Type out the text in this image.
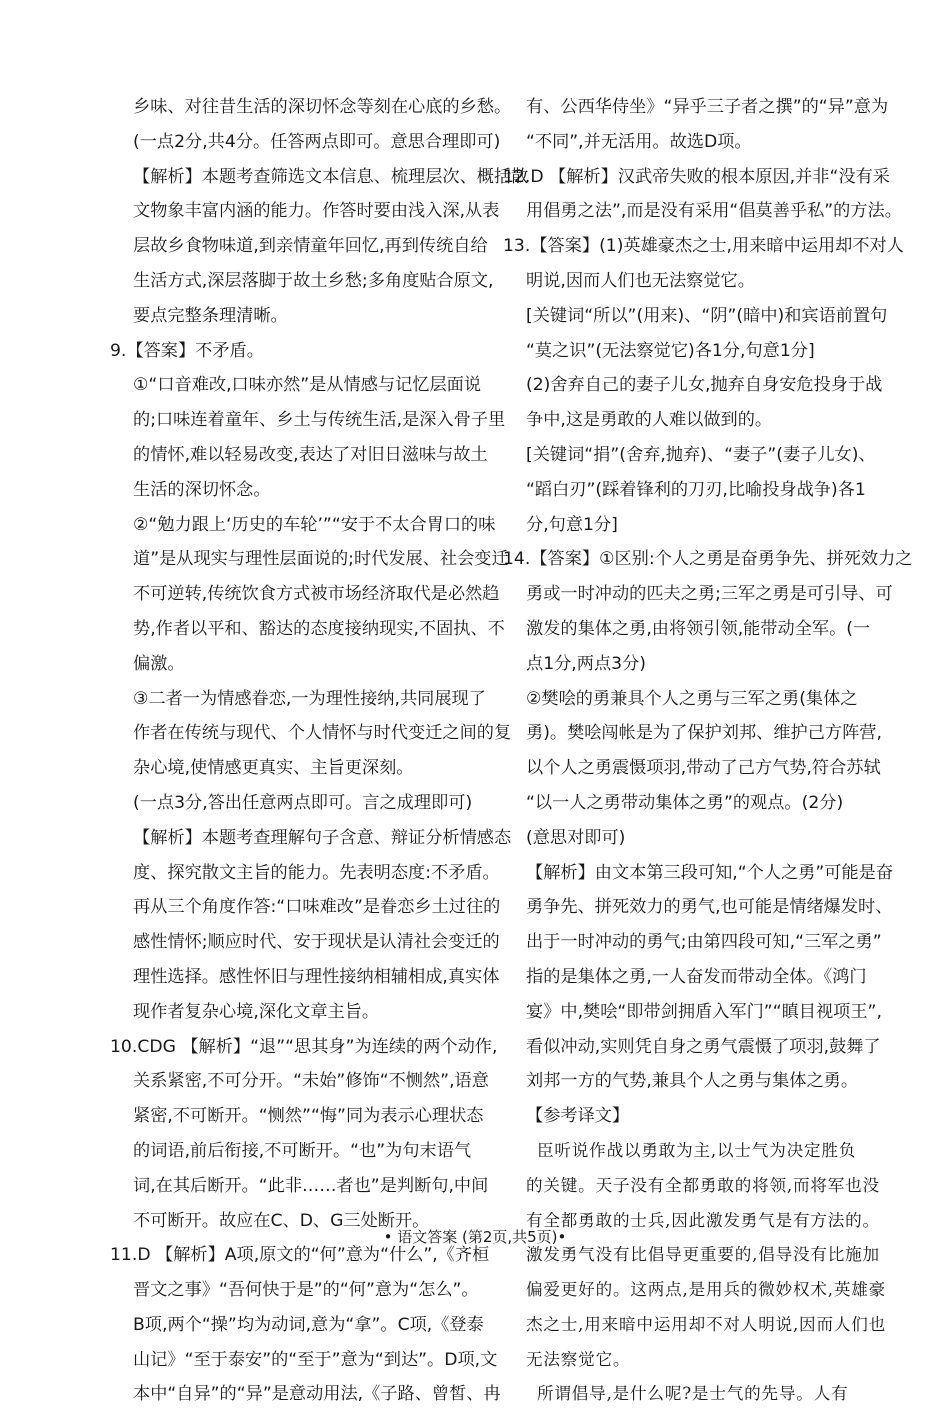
乡味、对往昔生活的深切怀念等刻在心底的乡愁。
(一点2分,共4分。任答两点即可。意思合理即可)
【解析】本题考查筛选文本信息、梳理层次、概括散
文物象丰富内涵的能力。作答时要由浅入深,从表
层故乡食物味道,到亲情童年回忆,再到传统自给
生活方式,深层落脚于故土乡愁;多角度贴合原文,
要点完整条理清晰。
9.【答案】不矛盾。
①“口音难改,口味亦然”是从情感与记忆层面说
的;口味连着童年、乡土与传统生活,是深入骨子里
的情怀,难以轻易改变,表达了对旧日滋味与故土
生活的深切怀念。
②“勉力跟上‘历史的车轮’”“安于不太合胃口的味
道”是从现实与理性层面说的;时代发展、社会变迁
不可逆转,传统饮食方式被市场经济取代是必然趋
势,作者以平和、豁达的态度接纳现实,不固执、不
偏激。
③二者一为情感眷恋,一为理性接纳,共同展现了
作者在传统与现代、个人情怀与时代变迁之间的复
杂心境,使情感更真实、主旨更深刻。
(一点3分,答出任意两点即可。言之成理即可)
【解析】本题考查理解句子含意、辩证分析情感态
度、探究散文主旨的能力。先表明态度:不矛盾。
再从三个角度作答:“口味难改”是眷恋乡土过往的
感性情怀;顺应时代、安于现状是认清社会变迁的
理性选择。感性怀旧与理性接纳相辅相成,真实体
现作者复杂心境,深化文章主旨。
10.CDG 【解析】“退”“思其身”为连续的两个动作,
关系紧密,不可分开。“未始”修饰“不恻然”,语意
紧密,不可断开。“恻然”“悔”同为表示心理状态
的词语,前后衔接,不可断开。“也”为句末语气
词,在其后断开。“此非……者也”是判断句,中间
不可断开。故应在C、D、G三处断开。
11.D 【解析】A项,原文的“何”意为“什么”,《齐桓
晋文之事》“吾何快于是”的“何”意为“怎么”。
B项,两个“操”均为动词,意为“拿”。C项,《登泰
山记》“至于泰安”的“至于”意为“到达”。D项,文
本中“自异”的“异”是意动用法,《子路、曾皙、冉
有、公西华侍坐》“异乎三子者之撰”的“异”意为
“不同”,并无活用。故选D项。
12.D 【解析】汉武帝失败的根本原因,并非“没有采
用倡勇之法”,而是没有采用“倡莫善乎私”的方法。
13.【答案】(1)英雄豪杰之士,用来暗中运用却不对人
明说,因而人们也无法察觉它。
[关键词“所以”(用来)、“阴”(暗中)和宾语前置句
“莫之识”(无法察觉它)各1分,句意1分]
(2)舍弃自己的妻子儿女,抛弃自身安危投身于战
争中,这是勇敢的人难以做到的。
[关键词“捐”(舍弃,抛弃)、“妻子”(妻子儿女)、
“蹈白刃”(踩着锋利的刀刃,比喻投身战争)各1
分,句意1分]
14.【答案】①区别:个人之勇是奋勇争先、拼死效力之
勇或一时冲动的匹夫之勇;三军之勇是可引导、可
激发的集体之勇,由将领引领,能带动全军。(一
点1分,两点3分)
②樊哙的勇兼具个人之勇与三军之勇(集体之
勇)。樊哙闯帐是为了保护刘邦、维护己方阵营,
以个人之勇震慑项羽,带动了己方气势,符合苏轼
“以一人之勇带动集体之勇”的观点。(2分)
(意思对即可)
【解析】由文本第三段可知,“个人之勇”可能是奋
勇争先、拼死效力的勇气,也可能是情绪爆发时、
出于一时冲动的勇气;由第四段可知,“三军之勇”
指的是集体之勇,一人奋发而带动全体。《鸿门
宴》中,樊哙“即带剑拥盾入军门”“瞋目视项王”,
看似冲动,实则凭自身之勇气震慑了项羽,鼓舞了
刘邦一方的气势,兼具个人之勇与集体之勇。
【参考译文】
臣听说作战以勇敢为主,以士气为决定胜负
的关键。天子没有全都勇敢的将领,而将军也没
有全都勇敢的士兵,因此激发勇气是有方法的。
激发勇气没有比倡导更重要的,倡导没有比施加
偏爱更好的。这两点,是用兵的微妙权术,英雄豪
杰之士,用来暗中运用却不对人明说,因而人们也
无法察觉它。
所谓倡导,是什么呢?是士气的先导。人有
• 语文答案 (第2页,共5页)•
